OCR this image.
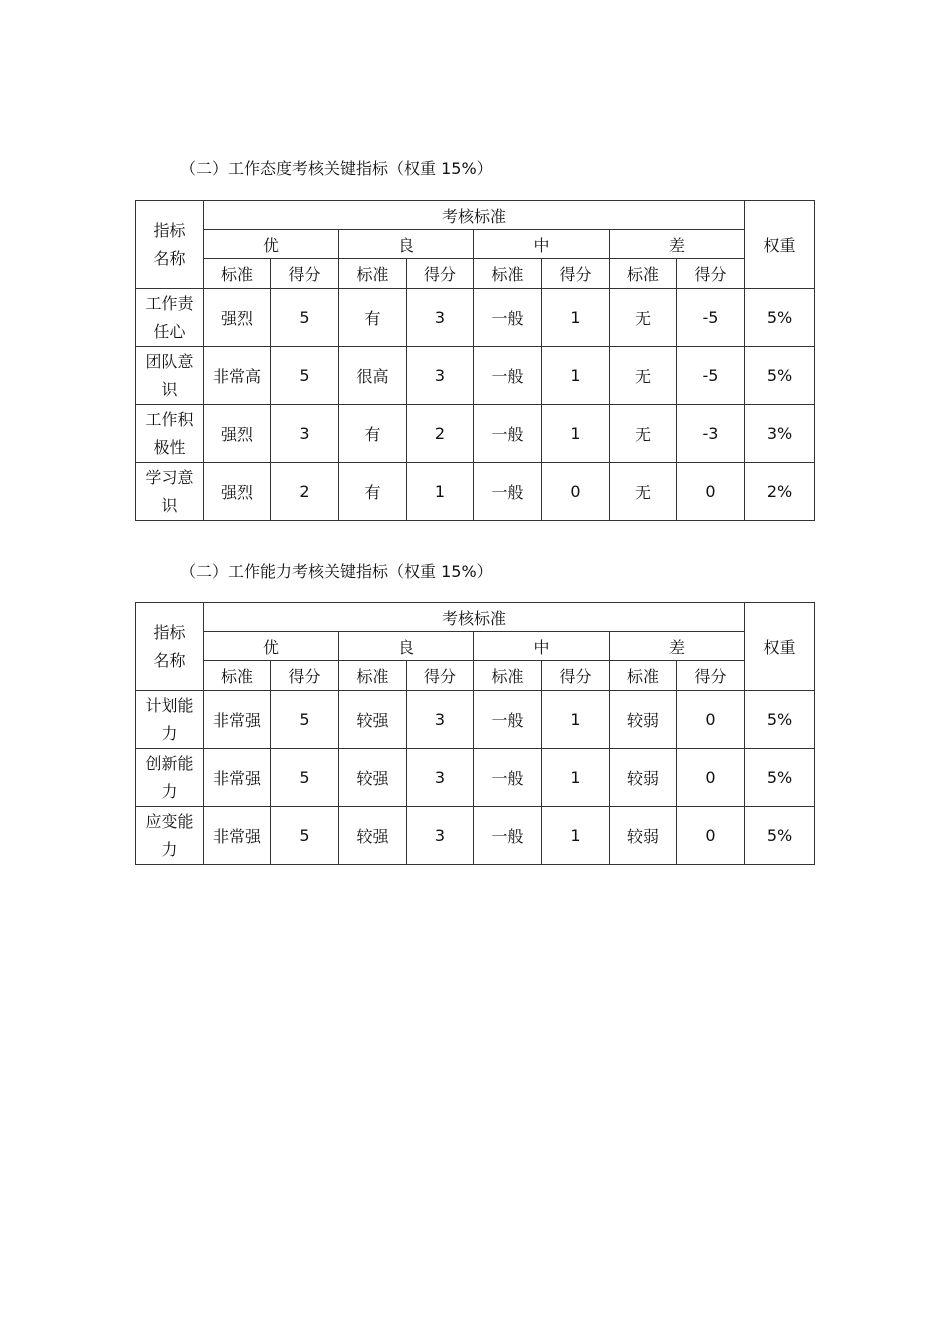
（二）工作态度考核关键指标（权重 15%）
指标
名称	考核标准								权重
	优		良		中		差		
	标准	得分	标准	得分	标准	得分	标准	得分	
工作责
任心	强烈	5	有	3	一般	1	无	-5	5%
团队意
识	非常高	5	很高	3	一般	1	无	-5	5%
工作积
极性	强烈	3	有	2	一般	1	无	-3	3%
学习意
识	强烈	2	有	1	一般	0	无	0	2%
（二）工作能力考核关键指标（权重 15%）
指标
名称	考核标准								权重
	优		良		中		差		
	标准	得分	标准	得分	标准	得分	标准	得分	
计划能
力	非常强	5	较强	3	一般	1	较弱	0	5%
创新能
力	非常强	5	较强	3	一般	1	较弱	0	5%
应变能
力	非常强	5	较强	3	一般	1	较弱	0	5%
